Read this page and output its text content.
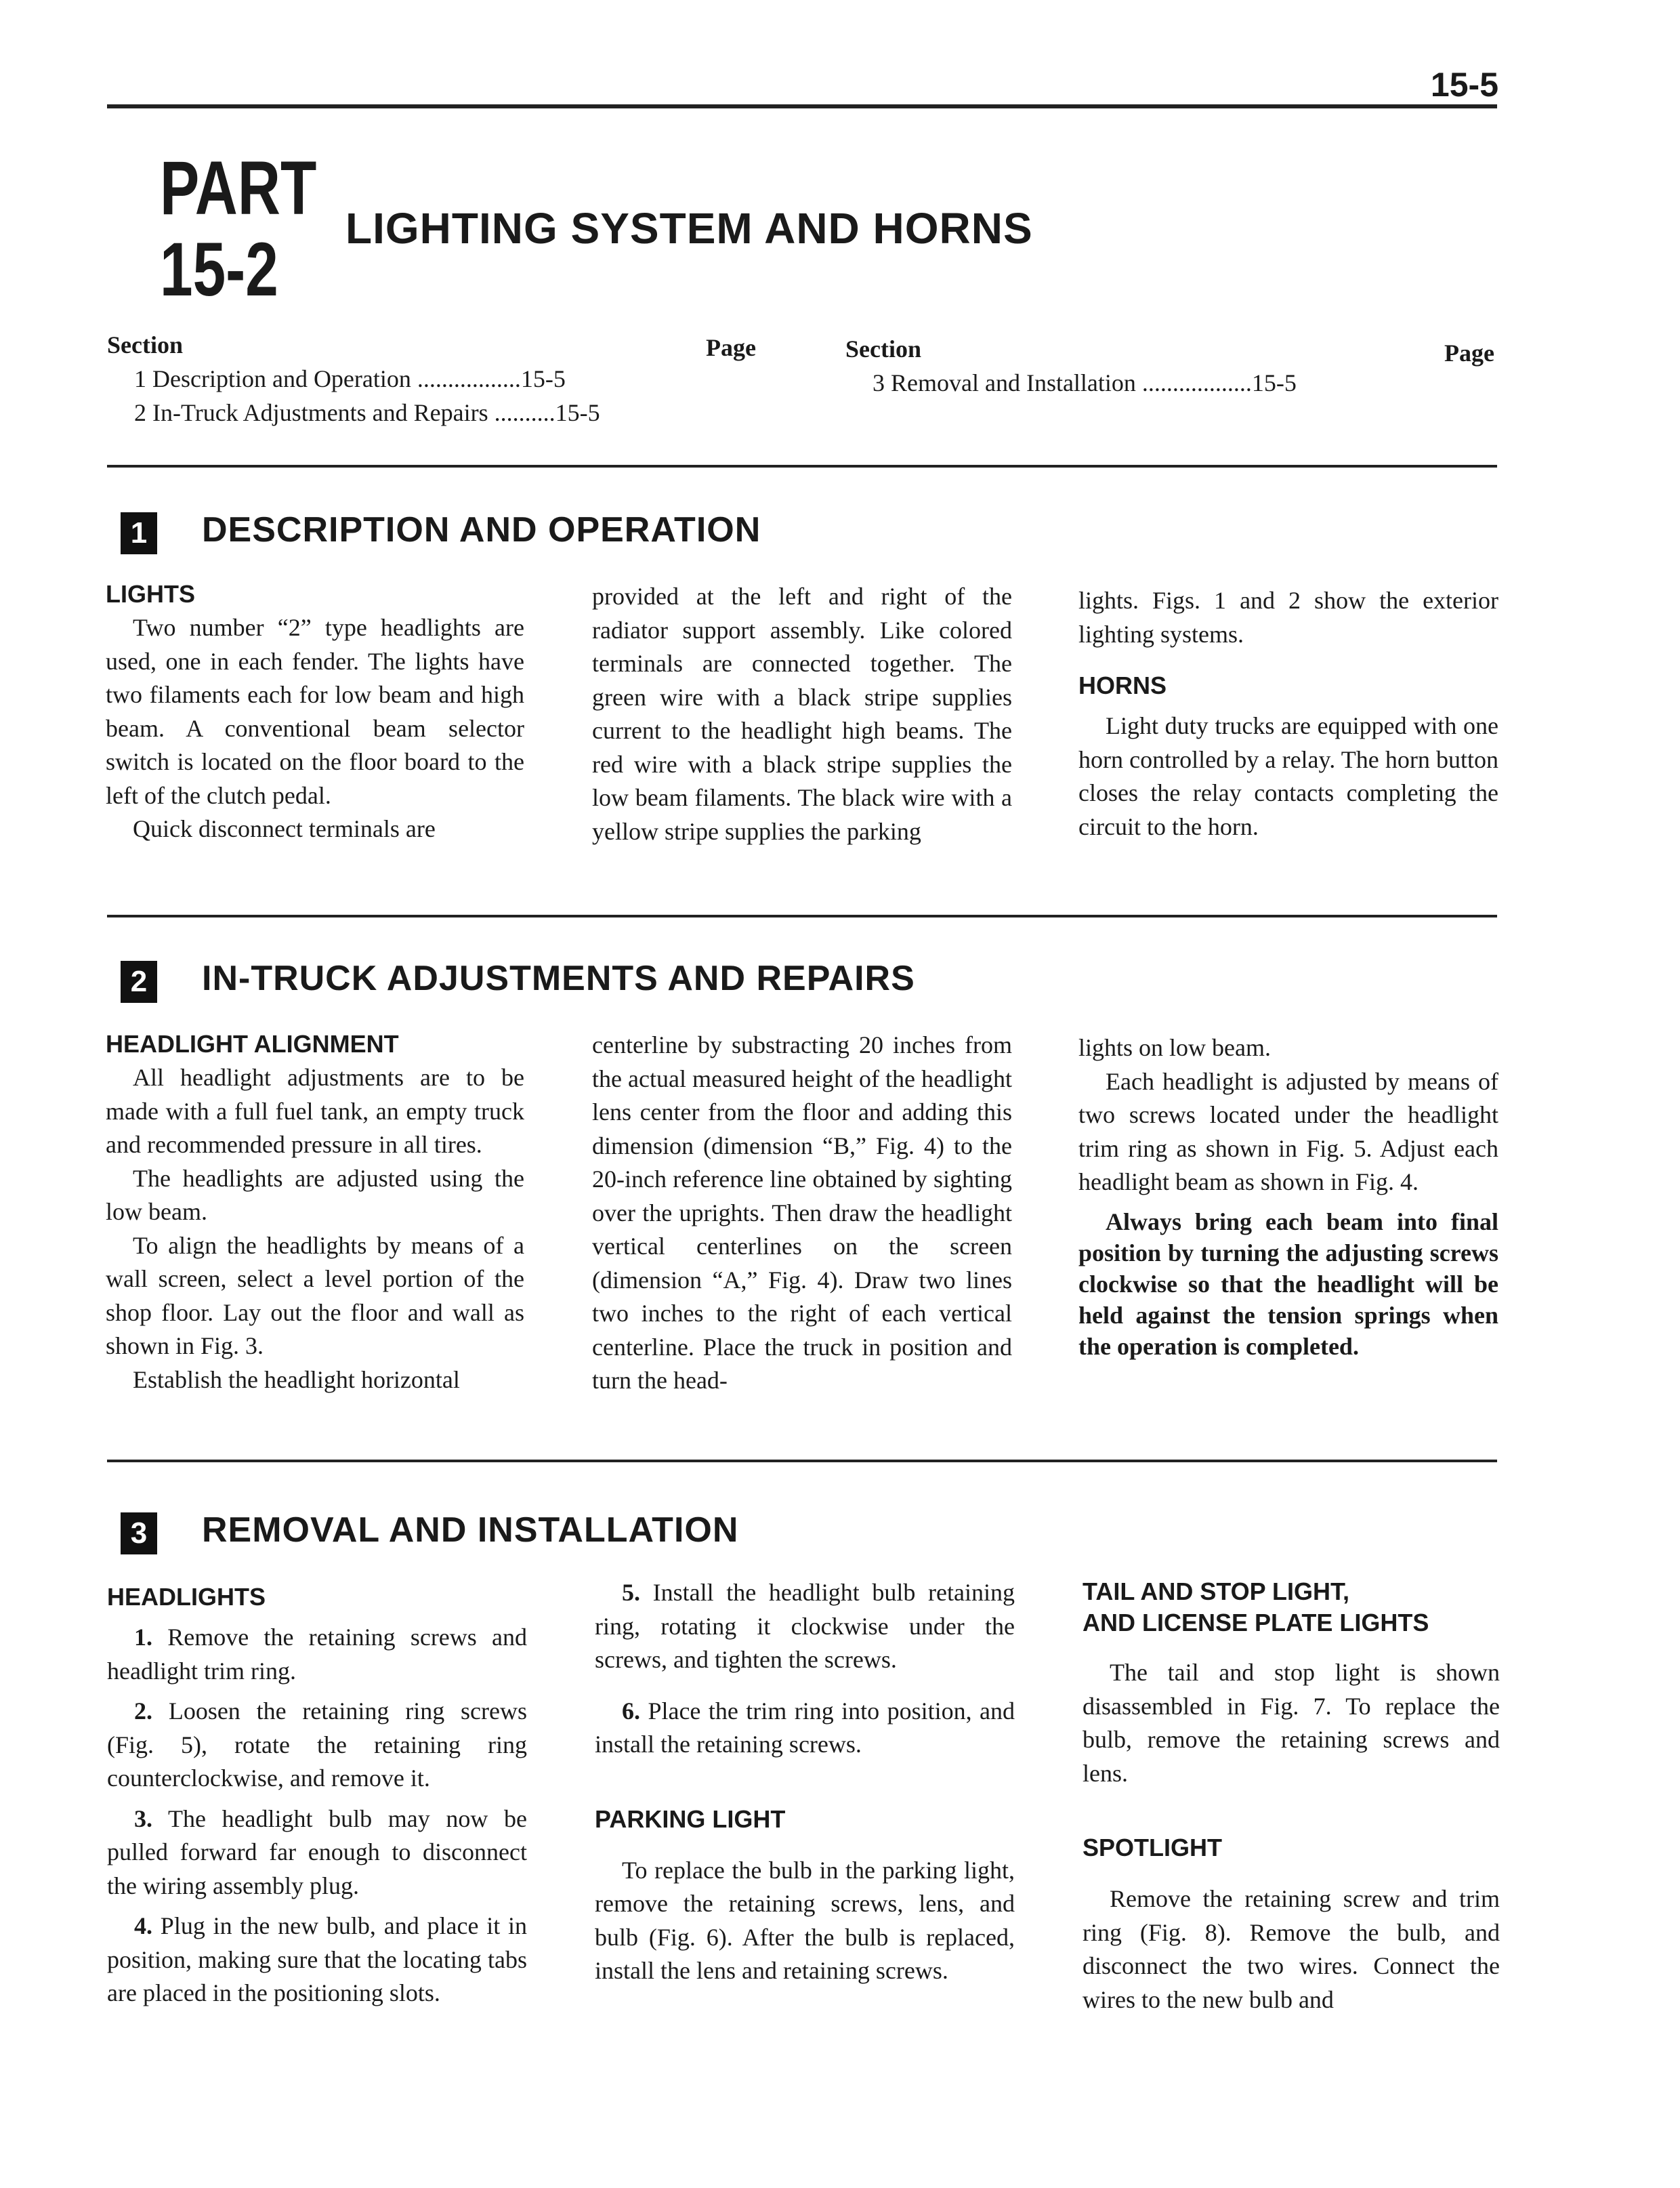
15-5
PART
15-2 LIGHTING SYSTEM AND HORNS
Section	Page
1 Description and Operation .................15-5
2 In-Truck Adjustments and Repairs ..........15-5
Section	Page
3 Removal and Installation ..................15-5
1 DESCRIPTION AND OPERATION

LIGHTS

Two number “2” type headlights are used, one in each fender. The lights have two filaments each for low beam and high beam. A conventional beam selector switch is located on the floor board to the left of the clutch pedal.

Quick disconnect terminals are

provided at the left and right of the radiator support assembly. Like colored terminals are connected together. The green wire with a black stripe supplies current to the headlight high beams. The red wire with a black stripe supplies the low beam filaments. The black wire with a yellow stripe supplies the parking

lights. Figs. 1 and 2 show the exterior lighting systems.

HORNS

Light duty trucks are equipped with one horn controlled by a relay. The horn button closes the relay contacts completing the circuit to the horn.

2 IN-TRUCK ADJUSTMENTS AND REPAIRS

HEADLIGHT ALIGNMENT

All headlight adjustments are to be made with a full fuel tank, an empty truck and recommended pressure in all tires.

The headlights are adjusted using the low beam.

To align the headlights by means of a wall screen, select a level portion of the shop floor. Lay out the floor and wall as shown in Fig. 3.

Establish the headlight horizontal

centerline by substracting 20 inches from the actual measured height of the headlight lens center from the floor and adding this dimension (dimension “B,” Fig. 4) to the 20-inch reference line obtained by sighting over the uprights. Then draw the headlight vertical centerlines on the screen (dimension “A,” Fig. 4). Draw two lines two inches to the right of each vertical centerline. Place the truck in position and turn the head-

lights on low beam.

Each headlight is adjusted by means of two screws located under the headlight trim ring as shown in Fig. 5. Adjust each headlight beam as shown in Fig. 4.

Always bring each beam into final position by turning the adjusting screws clockwise so that the headlight will be held against the tension springs when the operation is completed.

3 REMOVAL AND INSTALLATION

HEADLIGHTS

1. Remove the retaining screws and headlight trim ring.

2. Loosen the retaining ring screws (Fig. 5), rotate the retaining ring counterclockwise, and remove it.

3. The headlight bulb may now be pulled forward far enough to disconnect the wiring assembly plug.

4. Plug in the new bulb, and place it in position, making sure that the locating tabs are placed in the positioning slots.

5. Install the headlight bulb retaining ring, rotating it clockwise under the screws, and tighten the screws.

6. Place the trim ring into position, and install the retaining screws.

PARKING LIGHT

To replace the bulb in the parking light, remove the retaining screws, lens, and bulb (Fig. 6). After the bulb is replaced, install the lens and retaining screws.

TAIL AND STOP LIGHT,

AND LICENSE PLATE LIGHTS

The tail and stop light is shown disassembled in Fig. 7. To replace the bulb, remove the retaining screws and lens.

SPOTLIGHT

Remove the retaining screw and trim ring (Fig. 8). Remove the bulb, and disconnect the two wires. Connect the wires to the new bulb and
